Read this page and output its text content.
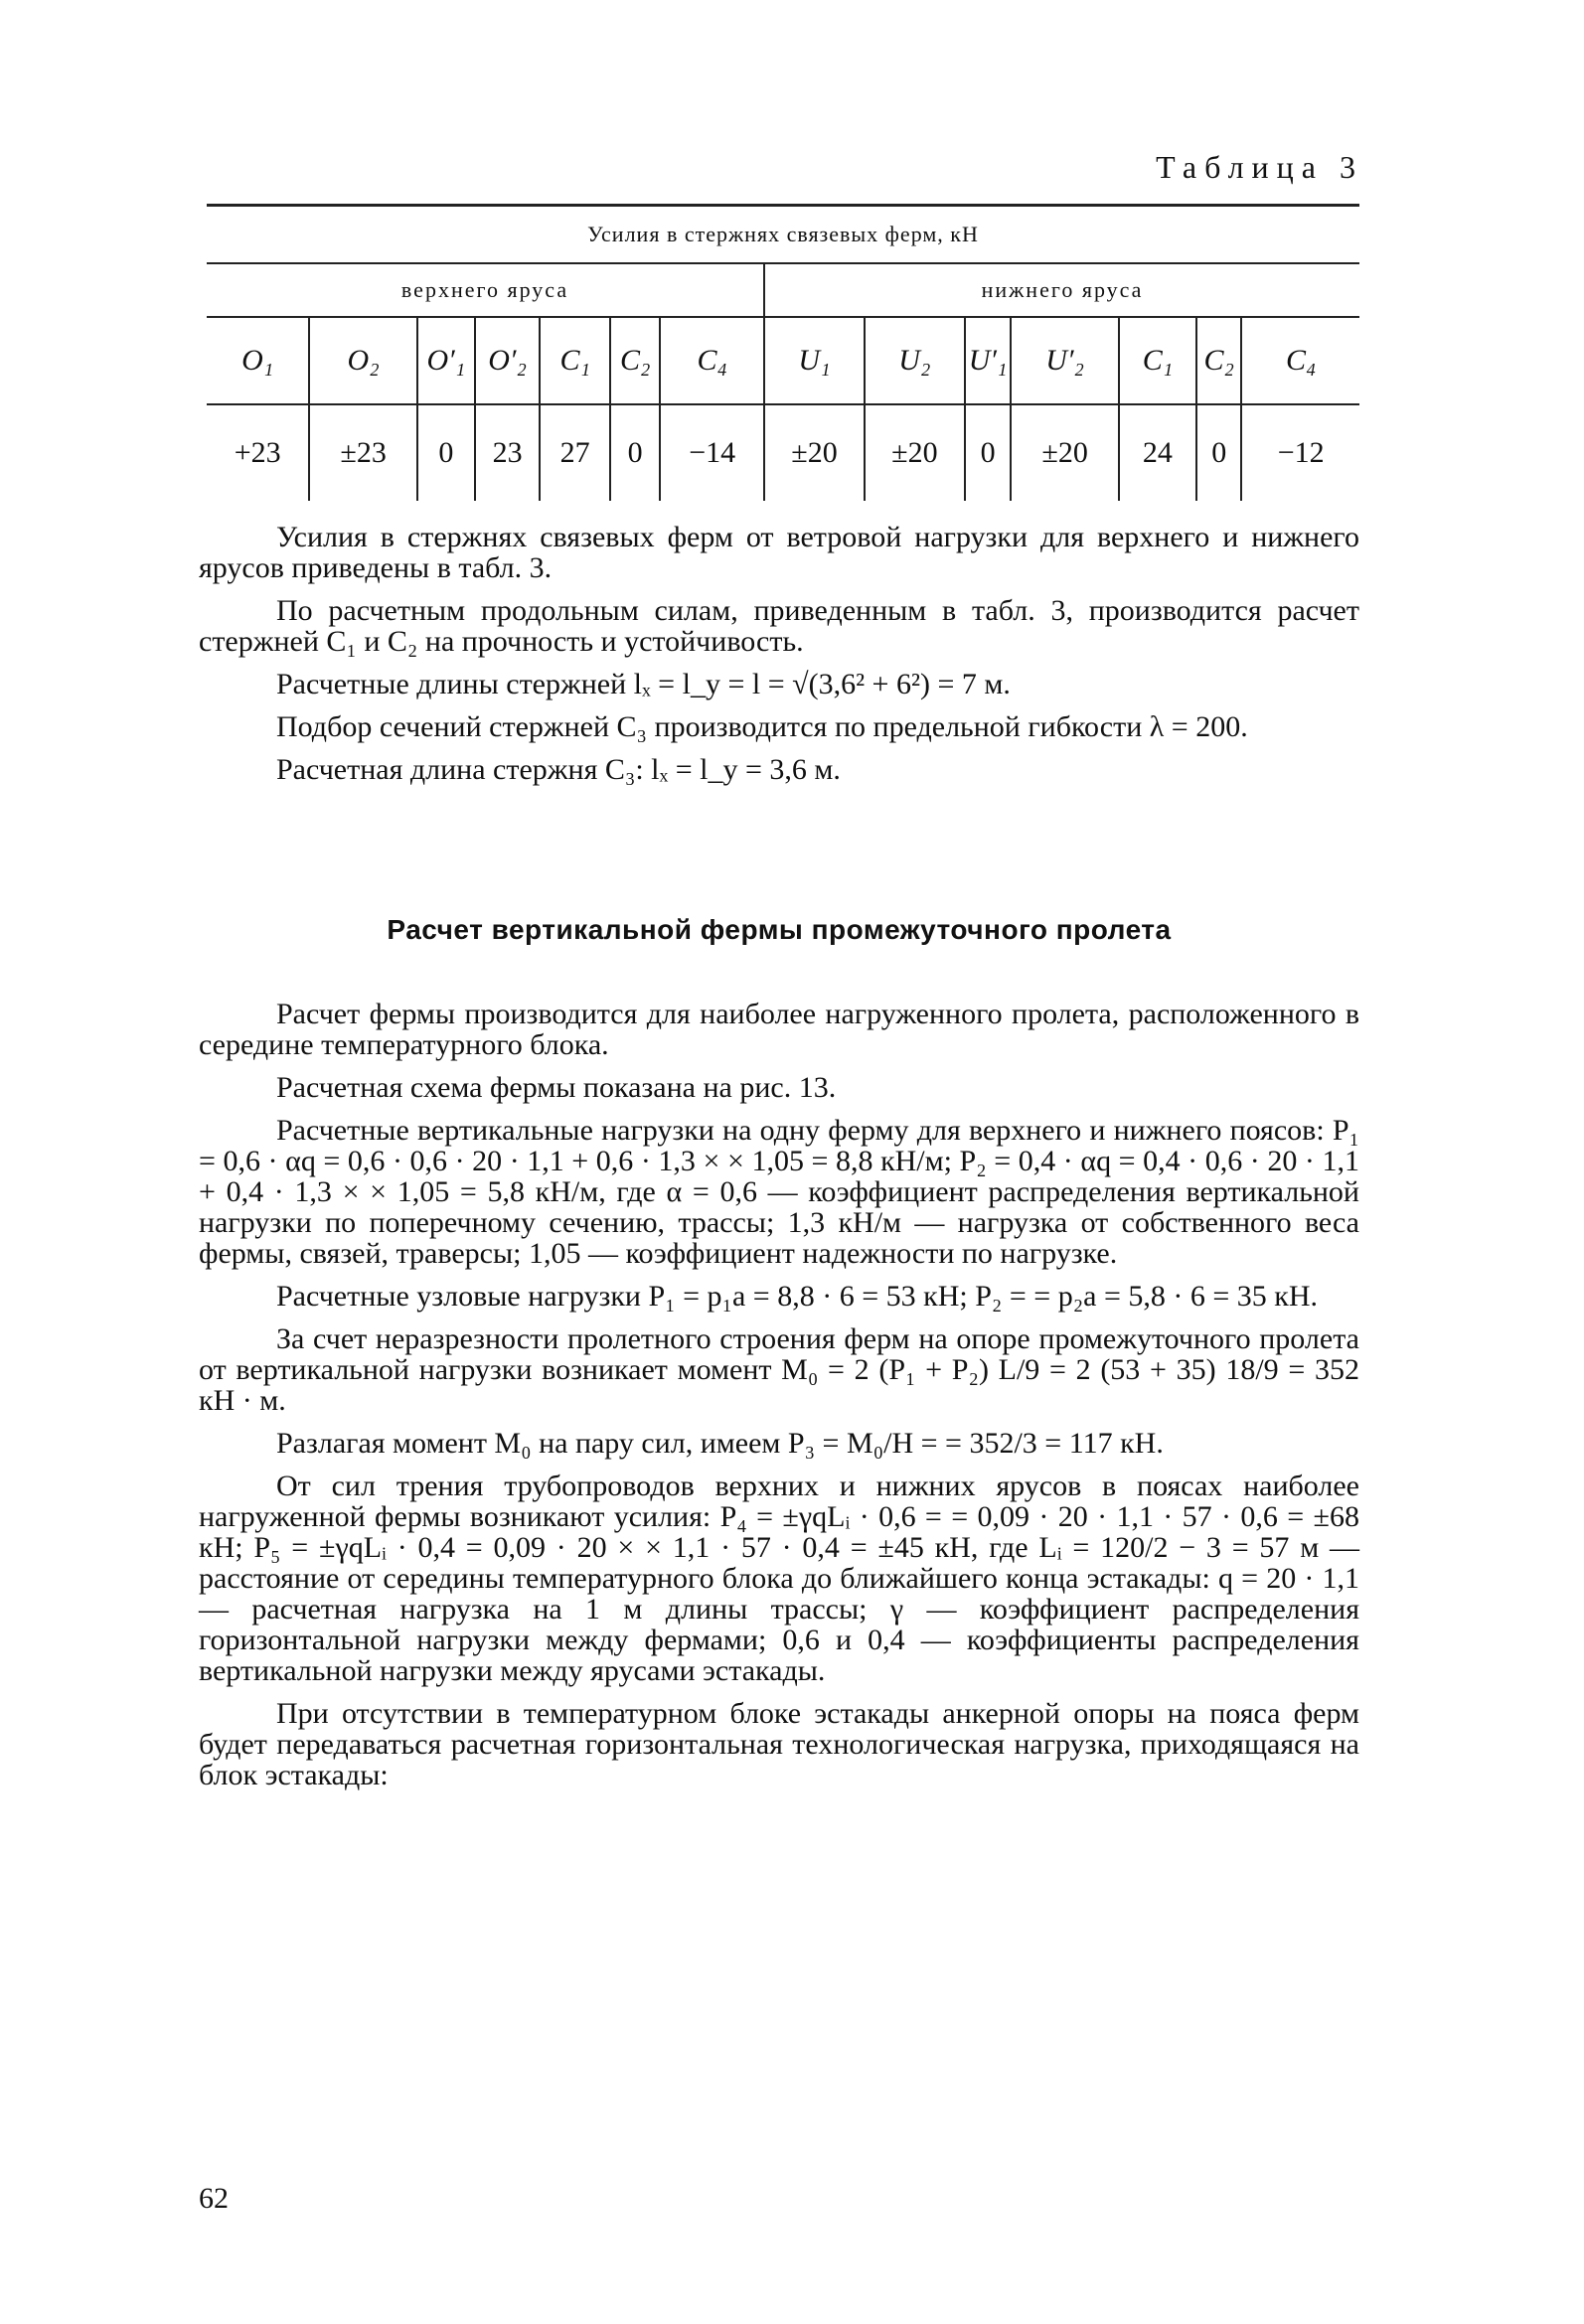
Таблица 3
Усилия в стержнях связевых ферм, кН													
верхнего яруса							нижнего яруса						
O₁	O₂	O′₁	O′₂	C₁	C₂	C₄	U₁	U₂	U′₁	U′₂	C₁	C₂	C₄
+23	±23	0	23	27	0	−14	±20	±20	0	±20	24	0	−12

Усилия в стержнях связевых ферм от ветровой нагрузки для верхнего и нижнего ярусов приведены в табл. 3.

По расчетным продольным силам, приведенным в табл. 3, производится расчет стержней C₁ и C₂ на прочность и устойчивость.

Расчетные длины стержней lₓ = l_y = l = √(3,6² + 6²) = 7 м.

Подбор сечений стержней C₃ производится по предельной гибкости λ = 200.

Расчетная длина стержня C₃: lₓ = l_y = 3,6 м.

Расчет вертикальной фермы промежуточного пролета

Расчет фермы производится для наиболее нагруженного пролета, расположенного в середине температурного блока.

Расчетная схема фермы показана на рис. 13.

Расчетные вертикальные нагрузки на одну ферму для верхнего и нижнего поясов: P₁ = 0,6 · αq = 0,6 · 0,6 · 20 · 1,1 + 0,6 · 1,3 × × 1,05 = 8,8 кН/м; P₂ = 0,4 · αq = 0,4 · 0,6 · 20 · 1,1 + 0,4 · 1,3 × × 1,05 = 5,8 кН/м, где α = 0,6 — коэффициент распределения вертикальной нагрузки по поперечному сечению, трассы; 1,3 кН/м — нагрузка от собственного веса фермы, связей, траверсы; 1,05 — коэффициент надежности по нагрузке.

Расчетные узловые нагрузки P₁ = p₁a = 8,8 · 6 = 53 кН; P₂ = = p₂a = 5,8 · 6 = 35 кН.

За счет неразрезности пролетного строения ферм на опоре промежуточного пролета от вертикальной нагрузки возникает момент M₀ = 2 (P₁ + P₂) L/9 = 2 (53 + 35) 18/9 = 352 кН · м.

Разлагая момент M₀ на пару сил, имеем P₃ = M₀/H = = 352/3 = 117 кН.

От сил трения трубопроводов верхних и нижних ярусов в поясах наиболее нагруженной фермы возникают усилия: P₄ = ±γqLᵢ · 0,6 = = 0,09 · 20 · 1,1 · 57 · 0,6 = ±68 кН; P₅ = ±γqLᵢ · 0,4 = 0,09 · 20 × × 1,1 · 57 · 0,4 = ±45 кН, где Lᵢ = 120/2 − 3 = 57 м — расстояние от середины температурного блока до ближайшего конца эстакады: q = 20 · 1,1 — расчетная нагрузка на 1 м длины трассы; γ — коэффициент распределения горизонтальной нагрузки между фермами; 0,6 и 0,4 — коэффициенты распределения вертикальной нагрузки между ярусами эстакады.

При отсутствии в температурном блоке эстакады анкерной опоры на пояса ферм будет передаваться расчетная горизонтальная технологическая нагрузка, приходящаяся на блок эстакады:

62
